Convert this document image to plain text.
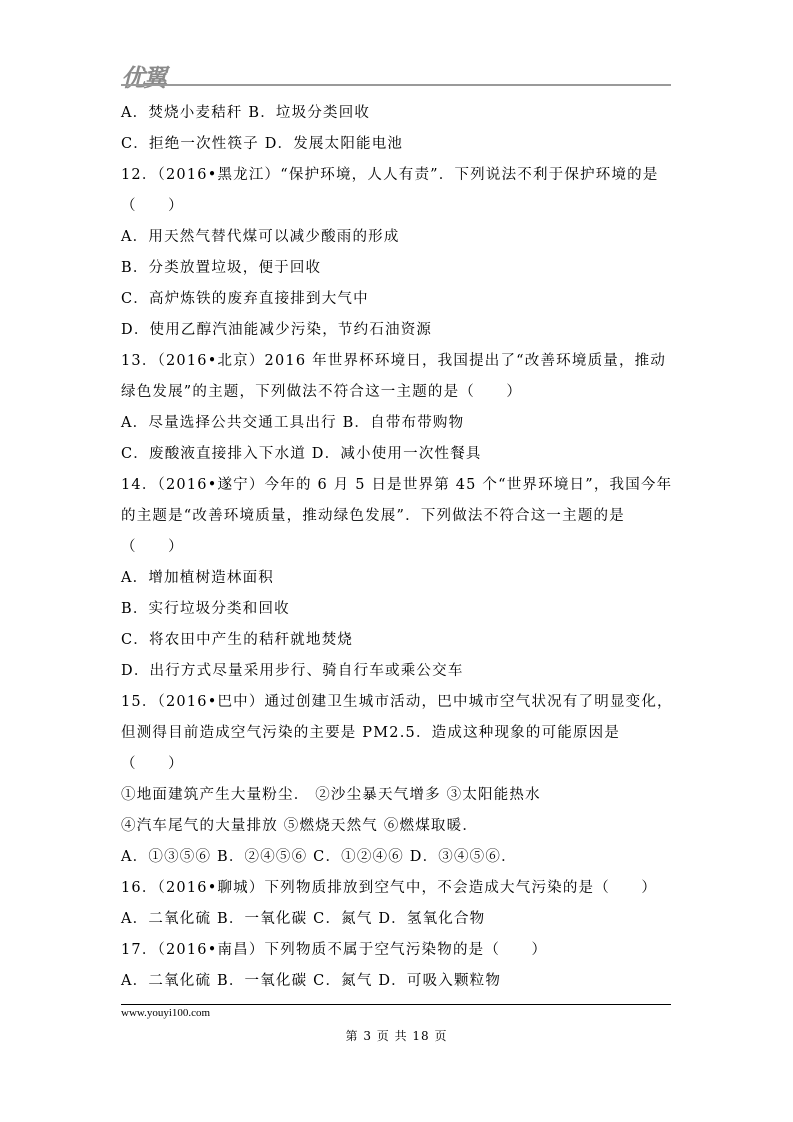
优翼
A．焚烧小麦秸秆 B．垃圾分类回收
C．拒绝一次性筷子 D．发展太阳能电池
12．（2016•黑龙江）“保护环境，人人有责”．下列说法不利于保护环境的是
（　　）
A．用天然气替代煤可以减少酸雨的形成
B．分类放置垃圾，便于回收
C．高炉炼铁的废弃直接排到大气中
D．使用乙醇汽油能减少污染，节约石油资源
13．（2016•北京）2016 年世界杯环境日，我国提出了“改善环境质量，推动
绿色发展”的主题，下列做法不符合这一主题的是（　　）
A．尽量选择公共交通工具出行 B．自带布带购物
C．废酸液直接排入下水道 D．减小使用一次性餐具
14．（2016•遂宁）今年的 6 月 5 日是世界第 45 个“世界环境日”，我国今年
的主题是“改善环境质量，推动绿色发展”．下列做法不符合这一主题的是
（　　）
A．增加植树造林面积
B．实行垃圾分类和回收
C．将农田中产生的秸秆就地焚烧
D．出行方式尽量采用步行、骑自行车或乘公交车
15．（2016•巴中）通过创建卫生城市活动，巴中城市空气状况有了明显变化，
但测得目前造成空气污染的主要是 PM2.5．造成这种现象的可能原因是
（　　）
①地面建筑产生大量粉尘． ②沙尘暴天气增多 ③太阳能热水
④汽车尾气的大量排放 ⑤燃烧天然气 ⑥燃煤取暖．
A．①③⑤⑥ B．②④⑤⑥ C．①②④⑥ D．③④⑤⑥．
16．（2016•聊城）下列物质排放到空气中，不会造成大气污染的是（　　）
A．二氧化硫 B．一氧化碳 C．氮气 D．氢氧化合物
17．（2016•南昌）下列物质不属于空气污染物的是（　　）
A．二氧化硫 B．一氧化碳 C．氮气 D．可吸入颗粒物
www.youyi100.com
第 3 页 共 18 页
